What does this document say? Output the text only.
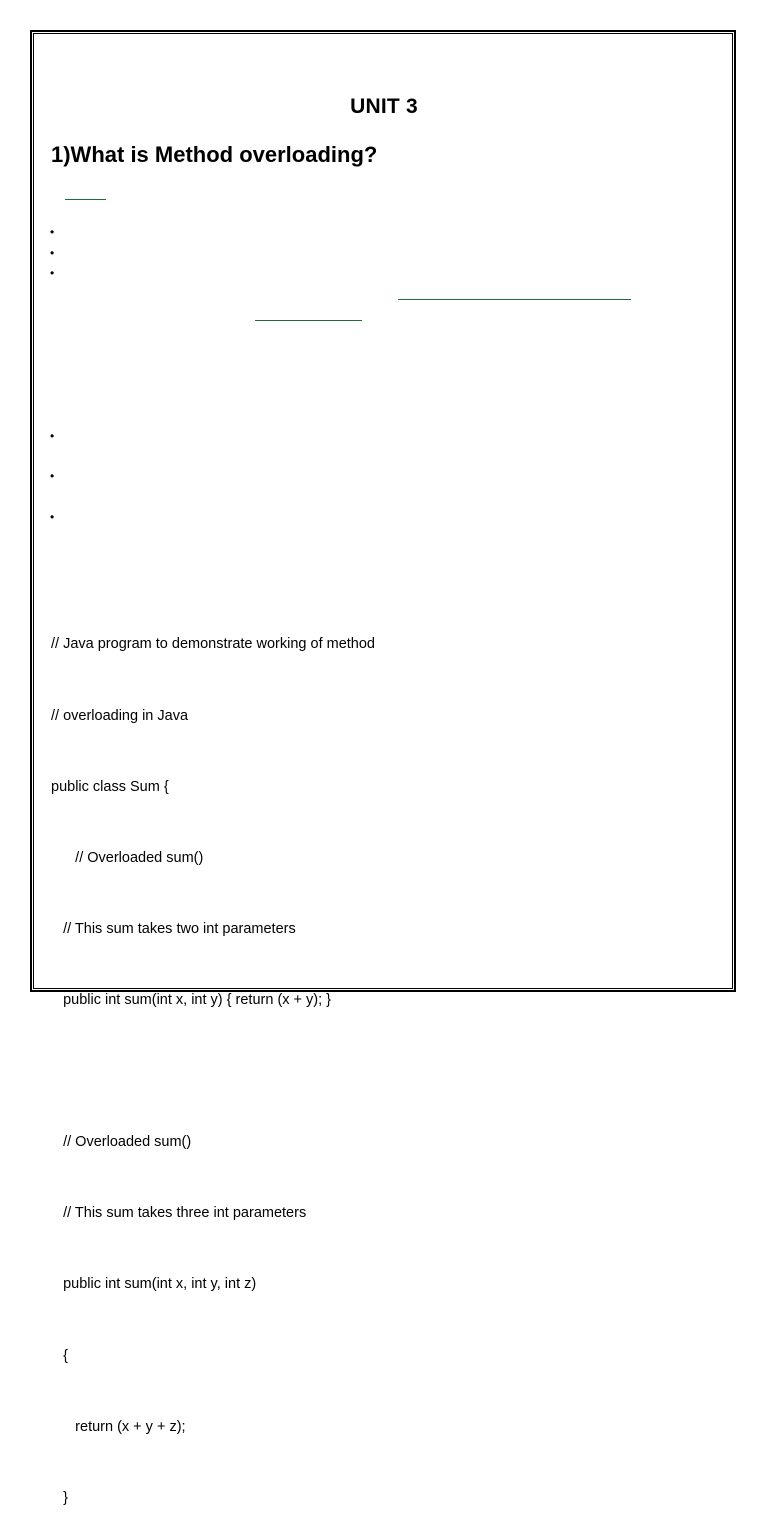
UNIT 3
1)What is Method overloading?
•
•
•
•
•
•

// Java program to demonstrate working of method

// overloading in Java

public class Sum {

// Overloaded sum()

// This sum takes two int parameters

public int sum(int x, int y) { return (x + y); }

// Overloaded sum()

// This sum takes three int parameters

public int sum(int x, int y, int z)

{

return (x + y + z);

}
